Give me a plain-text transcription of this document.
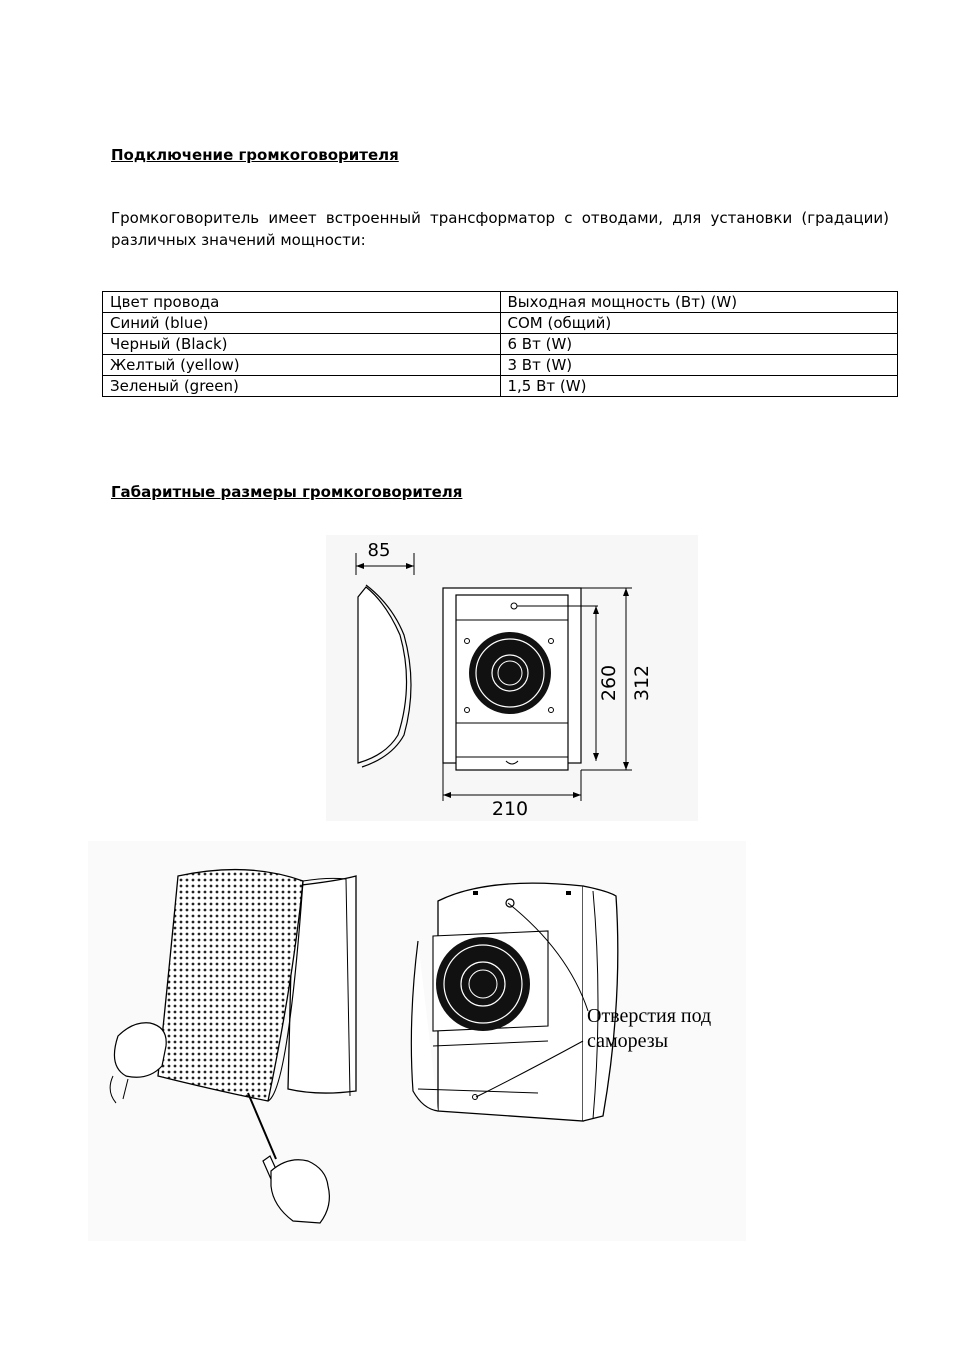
Подключение громкоговорителя
Громкоговоритель имеет встроенный трансформатор с отводами, для установки (градации) различных значений мощности:
Цвет провода	Выходная мощность (Вт) (W)
Синий (blue)	COM (общий)
Черный (Black)	6 Вт (W)
Желтый (yellow)	3 Вт (W)
Зеленый (green)	1,5 Вт (W)
Габаритные размеры громкоговорителя
85
260 312
210
Отверстия под
саморезы
